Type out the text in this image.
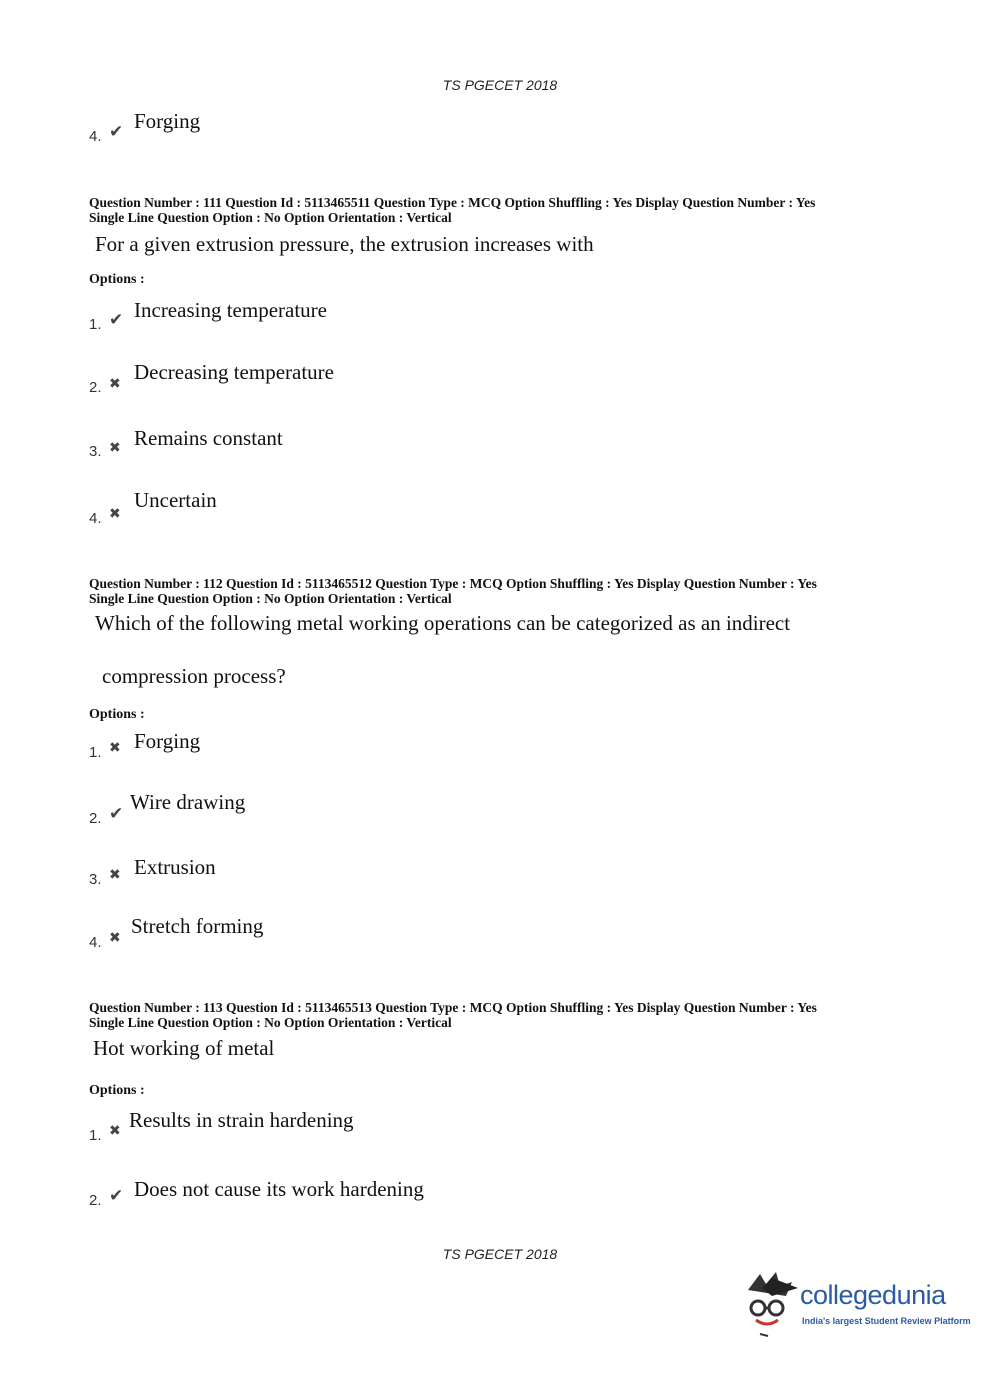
TS PGECET 2018
4. ✔ Forging
Question Number : 111 Question Id : 5113465511 Question Type : MCQ Option Shuffling : Yes Display Question Number : Yes
Single Line Question Option : No Option Orientation : Vertical
For a given extrusion pressure, the extrusion increases with
Options :
1. ✔ Increasing temperature
2. ✖
Decreasing temperature
3. ✖ Remains constant
4. ✖
Uncertain
Question Number : 112 Question Id : 5113465512 Question Type : MCQ Option Shuffling : Yes Display Question Number : Yes
Single Line Question Option : No Option Orientation : Vertical
Which of the following metal working operations can be categorized as an indirect
compression process?
Options :
1. ✖ Forging
2. ✔ Wire drawing
3. ✖ Extrusion
4. ✖
Stretch forming
Question Number : 113 Question Id : 5113465513 Question Type : MCQ Option Shuffling : Yes Display Question Number : Yes
Single Line Question Option : No Option Orientation : Vertical
Hot working of metal
Options :
1. ✖ Results in strain hardening
2. ✔ Does not cause its work hardening
TS PGECET 2018
collegedunia
India's largest Student Review Platform
